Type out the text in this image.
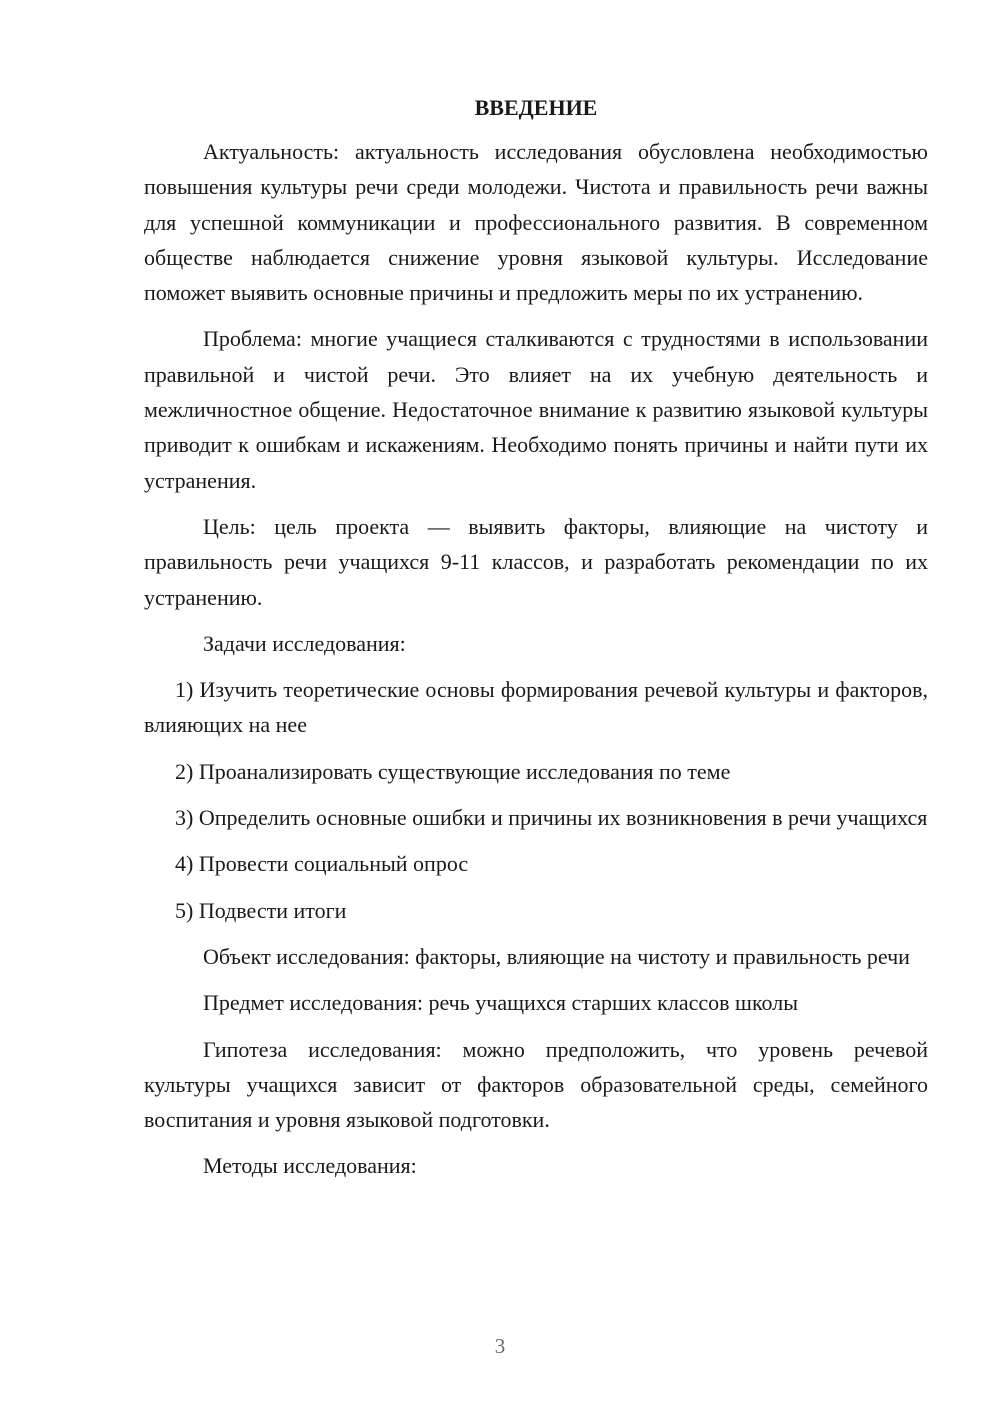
ВВЕДЕНИЕ

Актуальность: актуальность исследования обусловлена необходимостью повышения культуры речи среди молодежи. Чистота и правильность речи важны для успешной коммуникации и профессионального развития. В современном обществе наблюдается снижение уровня языковой культуры. Исследование поможет выявить основные причины и предложить меры по их устранению.

Проблема: многие учащиеся сталкиваются с трудностями в использовании правильной и чистой речи. Это влияет на их учебную деятельность и межличностное общение. Недостаточное внимание к развитию языковой культуры приводит к ошибкам и искажениям. Необходимо понять причины и найти пути их устранения.

Цель: цель проекта — выявить факторы, влияющие на чистоту и правильность речи учащихся 9-11 классов, и разработать рекомендации по их устранению.

Задачи исследования:

1) Изучить теоретические основы формирования речевой культуры и факторов, влияющих на нее

2) Проанализировать существующие исследования по теме

3) Определить основные ошибки и причины их возникновения в речи учащихся

4) Провести социальный опрос

5) Подвести итоги

Объект исследования: факторы, влияющие на чистоту и правильность речи

Предмет исследования: речь учащихся старших классов школы

Гипотеза исследования: можно предположить, что уровень речевой культуры учащихся зависит от факторов образовательной среды, семейного воспитания и уровня языковой подготовки.

Методы исследования:

3
